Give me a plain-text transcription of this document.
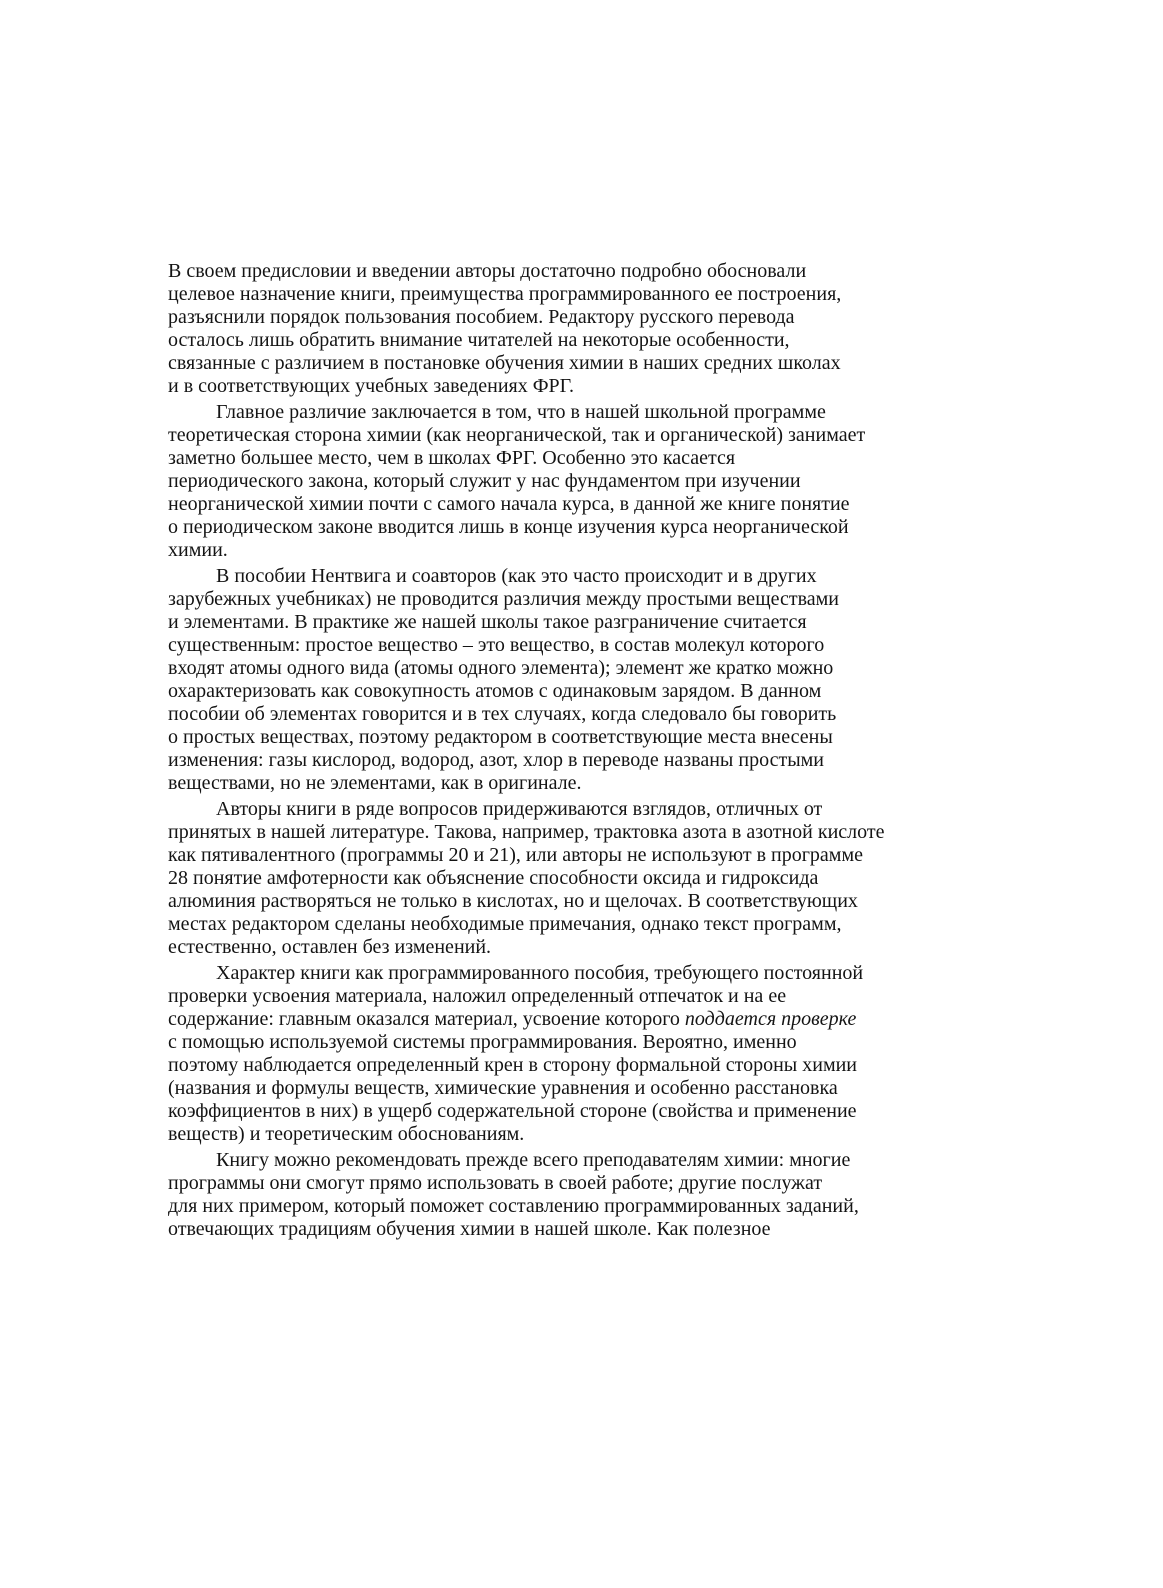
В своем предисловии и введении авторы достаточно подробно обосновали
целевое назначение книги, преимущества программированного ее построения,
разъяснили порядок пользования пособием. Редактору русского перевода
осталось лишь обратить внимание читателей на некоторые особенности,
связанные с различием в постановке обучения химии в наших средних школах
и в соответствующих учебных заведениях ФРГ.
Главное различие заключается в том, что в нашей школьной программе
теоретическая сторона химии (как неорганической, так и органической) занимает
заметно большее место, чем в школах ФРГ. Особенно это касается
периодического закона, который служит у нас фундаментом при изучении
неорганической химии почти с самого начала курса, в данной же книге понятие
о периодическом законе вводится лишь в конце изучения курса неорганической
химии.
В пособии Нентвига и соавторов (как это часто происходит и в других
зарубежных учебниках) не проводится различия между простыми веществами
и элементами. В практике же нашей школы такое разграничение считается
существенным: простое вещество – это вещество, в состав молекул которого
входят атомы одного вида (атомы одного элемента); элемент же кратко можно
охарактеризовать как совокупность атомов с одинаковым зарядом. В данном
пособии об элементах говорится и в тех случаях, когда следовало бы говорить
о простых веществах, поэтому редактором в соответствующие места внесены
изменения: газы кислород, водород, азот, хлор в переводе названы простыми
веществами, но не элементами, как в оригинале.
Авторы книги в ряде вопросов придерживаются взглядов, отличных от
принятых в нашей литературе. Такова, например, трактовка азота в азотной кислоте
как пятивалентного (программы 20 и 21), или авторы не используют в программе
28 понятие амфотерности как объяснение способности оксида и гидроксида
алюминия растворяться не только в кислотах, но и щелочах. В соответствующих
местах редактором сделаны необходимые примечания, однако текст программ,
естественно, оставлен без изменений.
Характер книги как программированного пособия, требующего постоянной
проверки усвоения материала, наложил определенный отпечаток и на ее
содержание: главным оказался материал, усвоение которого поддается проверке
с помощью используемой системы программирования. Вероятно, именно
поэтому наблюдается определенный крен в сторону формальной стороны химии
(названия и формулы веществ, химические уравнения и особенно расстановка
коэффициентов в них) в ущерб содержательной стороне (свойства и применение
веществ) и теоретическим обоснованиям.
Книгу можно рекомендовать прежде всего преподавателям химии: многие
программы они смогут прямо использовать в своей работе; другие послужат
для них примером, который поможет составлению программированных заданий,
отвечающих традициям обучения химии в нашей школе. Как полезное
